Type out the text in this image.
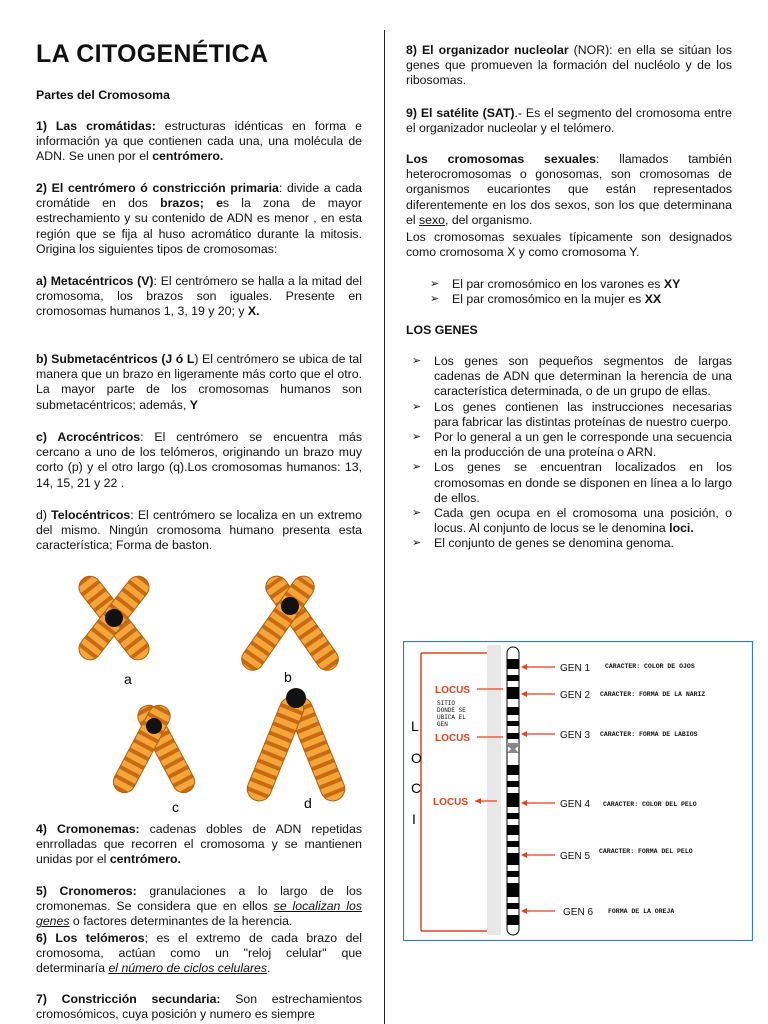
LA CITOGENÉTICA

Partes del Cromosoma

1) Las cromátidas: estructuras idénticas en forma e información ya que contienen cada una, una molécula de ADN. Se unen por el centrómero.

2) El centrómero ó constricción primaria: divide a cada cromátide en dos brazos; es la zona de mayor estrechamiento y su contenido de ADN es menor , en esta región que se fija al huso acromático durante la mitosis. Origina los siguientes tipos de cromosomas:

a) Metacéntricos (V): El centrómero se halla a la mitad del cromosoma, los brazos son iguales. Presente en cromosomas humanos 1, 3, 19 y 20; y X.

b) Submetacéntricos (J ó L) El centrómero se ubica de tal manera que un brazo en ligeramente más corto que el otro. La mayor parte de los cromosomas humanos son submetacéntricos; además, Y

c) Acrocéntricos: El centrómero se encuentra más cercano a uno de los telómeros, originando un brazo muy corto (p) y el otro largo (q).Los cromosomas humanos: 13, 14, 15, 21 y 22 .

d) Telocéntricos: El centrómero se localiza en un extremo del mismo. Ningún cromosoma humano presenta esta característica; Forma de baston.

a	b
c	d

4) Cromonemas: cadenas dobles de ADN repetidas enrrolladas que recorren el cromosoma y se mantienen unidas por el centrómero.

5) Cronomeros: granulaciones a lo largo de los cromonemas. Se considera que en ellos se localizan los genes o factores determinantes de la herencia.

6) Los telómeros; es el extremo de cada brazo del cromosoma, actúan como un "reloj celular" que determinaría el número de ciclos celulares.

7) Constricción secundaria: Son estrechamientos cromosómicos, cuya posición y numero es siempre

8) El organizador nucleolar (NOR): en ella se sitúan los genes que promueven la formación del nucléolo y de los ribosomas.

9) El satélite (SAT).- Es el segmento del cromosoma entre el organizador nucleolar y el telómero.

Los cromosomas sexuales: llamados también heterocromosomas o gonosomas, son cromosomas de organismos eucariontes que están representados diferentemente en los dos sexos, son los que determinana el sexo, del organismo.

Los cromosomas sexuales típicamente son designados como cromosoma X y como cromosoma Y.

➢ El par cromosómico en los varones es XY
➢ El par cromosómico en la mujer es XX

LOS GENES

➢ Los genes son pequeños segmentos de largas cadenas de ADN que determinan la herencia de una característica determinada, o de un grupo de ellas.
➢ Los genes contienen las instrucciones necesarias para fabricar las distintas proteínas de nuestro cuerpo.
➢ Por lo general a un gen le corresponde una secuencia en la producción de una proteína o ARN.
➢ Los genes se encuentran localizados en los cromosomas en donde se disponen en línea a lo largo de ellos.
➢ Cada gen ocupa en el cromosoma una posición, o locus. Al conjunto de locus se le denomina loci.
➢ El conjunto de genes se denomina genoma.
L
O
C
I
LOCUS
LOCUS
LOCUS
SITIO
DONDE SE
UBICA EL
GEN
GEN 1
GEN 2
GEN 3
GEN 4
GEN 5
GEN 6
CARACTER: COLOR DE OJOS
CARACTER: FORMA DE LA NARIZ
CARACTER: FORMA DE LABIOS
CARACTER: COLOR DEL PELO
CARACTER: FORMA DEL PELO
FORMA DE LA OREJA
